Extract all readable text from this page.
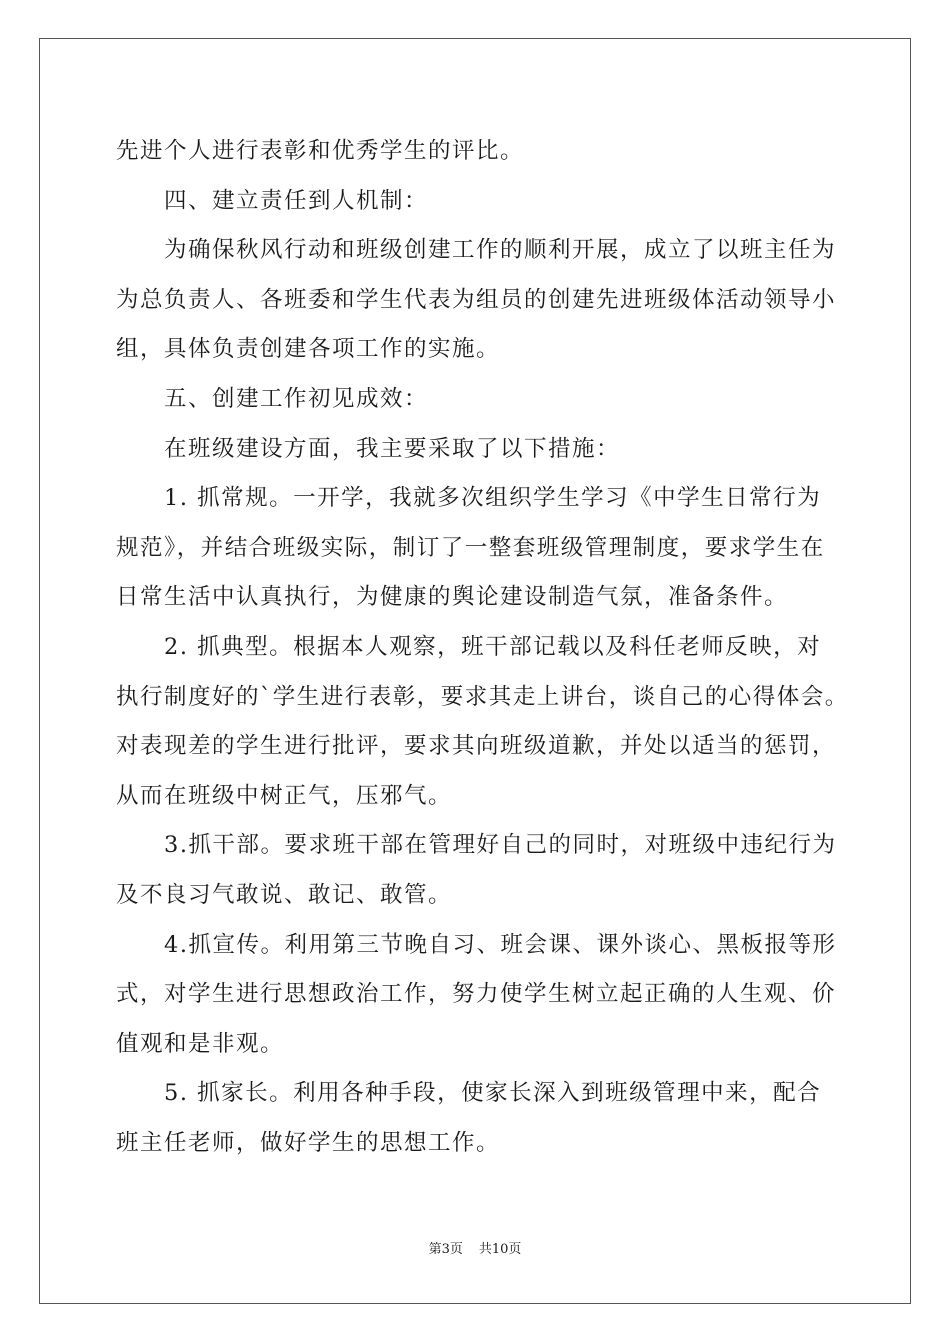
先进个人进行表彰和优秀学生的评比。
四、建立责任到人机制：
为确保秋风行动和班级创建工作的顺利开展，成立了以班主任为
为总负责人、各班委和学生代表为组员的创建先进班级体活动领导小
组，具体负责创建各项工作的实施。
五、创建工作初见成效：
在班级建设方面，我主要采取了以下措施：
1. 抓常规。一开学，我就多次组织学生学习《中学生日常行为
规范》，并结合班级实际，制订了一整套班级管理制度，要求学生在
日常生活中认真执行，为健康的舆论建设制造气氛，准备条件。
2. 抓典型。根据本人观察，班干部记载以及科任老师反映，对
执行制度好的`学生进行表彰，要求其走上讲台，谈自己的心得体会。
对表现差的学生进行批评，要求其向班级道歉，并处以适当的惩罚，
从而在班级中树正气，压邪气。
3.抓干部。要求班干部在管理好自己的同时，对班级中违纪行为
及不良习气敢说、敢记、敢管。
4.抓宣传。利用第三节晚自习、班会课、课外谈心、黑板报等形
式，对学生进行思想政治工作，努力使学生树立起正确的人生观、价
值观和是非观。
5. 抓家长。利用各种手段，使家长深入到班级管理中来，配合
班主任老师，做好学生的思想工作。
第3页 共10页
